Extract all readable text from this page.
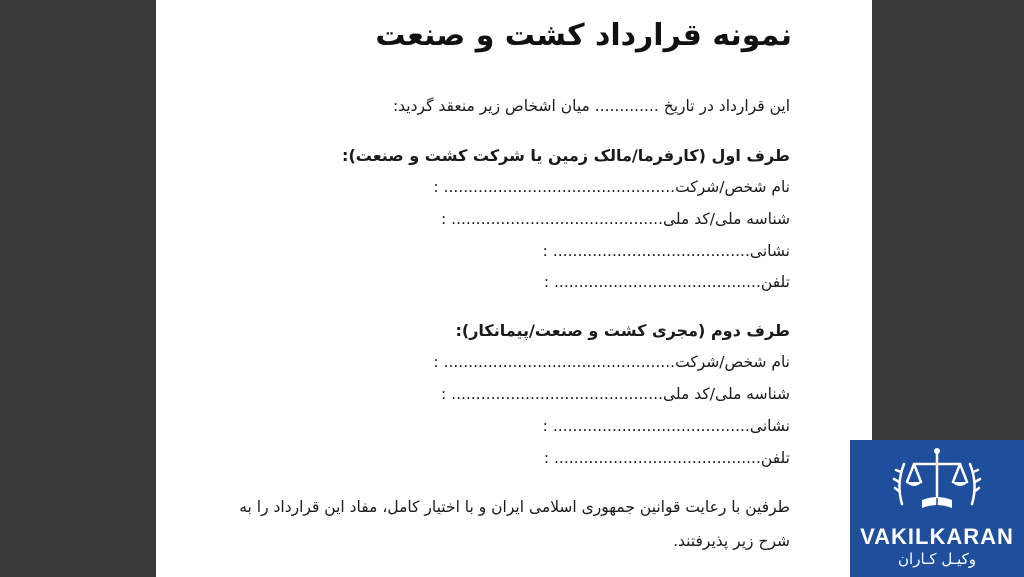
نمونه قرارداد کشت و صنعت
این قرارداد در تاریخ ............. میان اشخاص زیر منعقد گردید:
طرف اول (کارفرما/مالک زمین یا شرکت کشت و صنعت):
نام شخص/شرکت............................................... :
شناسه ملی/کد ملی........................................... :
نشانی........................................ :
تلفن.......................................... :
طرف دوم (مجری کشت و صنعت/پیمانکار):
نام شخص/شرکت............................................... :
شناسه ملی/کد ملی........................................... :
نشانی........................................ :
تلفن.......................................... :
طرفین با رعایت قوانین جمهوری اسلامی ایران و با اختیار کامل، مفاد این قرارداد را به شرح زیر پذیرفتند.	VAKILKARAN
وکیـل کـاران
